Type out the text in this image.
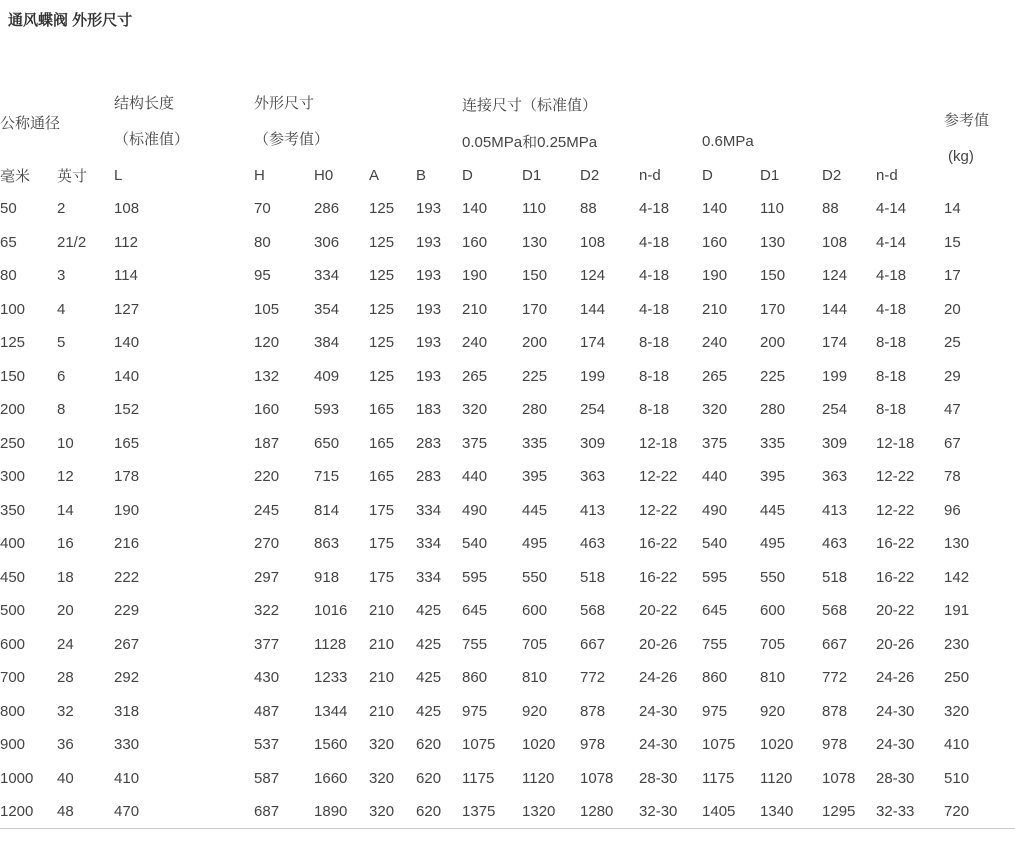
通风蝶阀 外形尺寸
公称通径		结构长度
（标准值）	外形尺寸
（参考值）				连接尺寸（标准值）								参考值
(kg)

							0.05MPa和0.25MPa				0.6MPa				
毫米	英寸	L	H	H0	A	B	D	D1	D2	n-d	D	D1	D2	n-d	
50	2	108	70	286	125	193	140	110	88	4-18	140	110	88	4-14	14
65	21/2	112	80	306	125	193	160	130	108	4-18	160	130	108	4-14	15
80	3	114	95	334	125	193	190	150	124	4-18	190	150	124	4-18	17
100	4	127	105	354	125	193	210	170	144	4-18	210	170	144	4-18	20
125	5	140	120	384	125	193	240	200	174	8-18	240	200	174	8-18	25
150	6	140	132	409	125	193	265	225	199	8-18	265	225	199	8-18	29
200	8	152	160	593	165	183	320	280	254	8-18	320	280	254	8-18	47
250	10	165	187	650	165	283	375	335	309	12-18	375	335	309	12-18	67
300	12	178	220	715	165	283	440	395	363	12-22	440	395	363	12-22	78
350	14	190	245	814	175	334	490	445	413	12-22	490	445	413	12-22	96
400	16	216	270	863	175	334	540	495	463	16-22	540	495	463	16-22	130
450	18	222	297	918	175	334	595	550	518	16-22	595	550	518	16-22	142
500	20	229	322	1016	210	425	645	600	568	20-22	645	600	568	20-22	191
600	24	267	377	1128	210	425	755	705	667	20-26	755	705	667	20-26	230
700	28	292	430	1233	210	425	860	810	772	24-26	860	810	772	24-26	250
800	32	318	487	1344	210	425	975	920	878	24-30	975	920	878	24-30	320
900	36	330	537	1560	320	620	1075	1020	978	24-30	1075	1020	978	24-30	410
1000	40	410	587	1660	320	620	1175	1120	1078	28-30	1175	1120	1078	28-30	510
1200	48	470	687	1890	320	620	1375	1320	1280	32-30	1405	1340	1295	32-33	720
